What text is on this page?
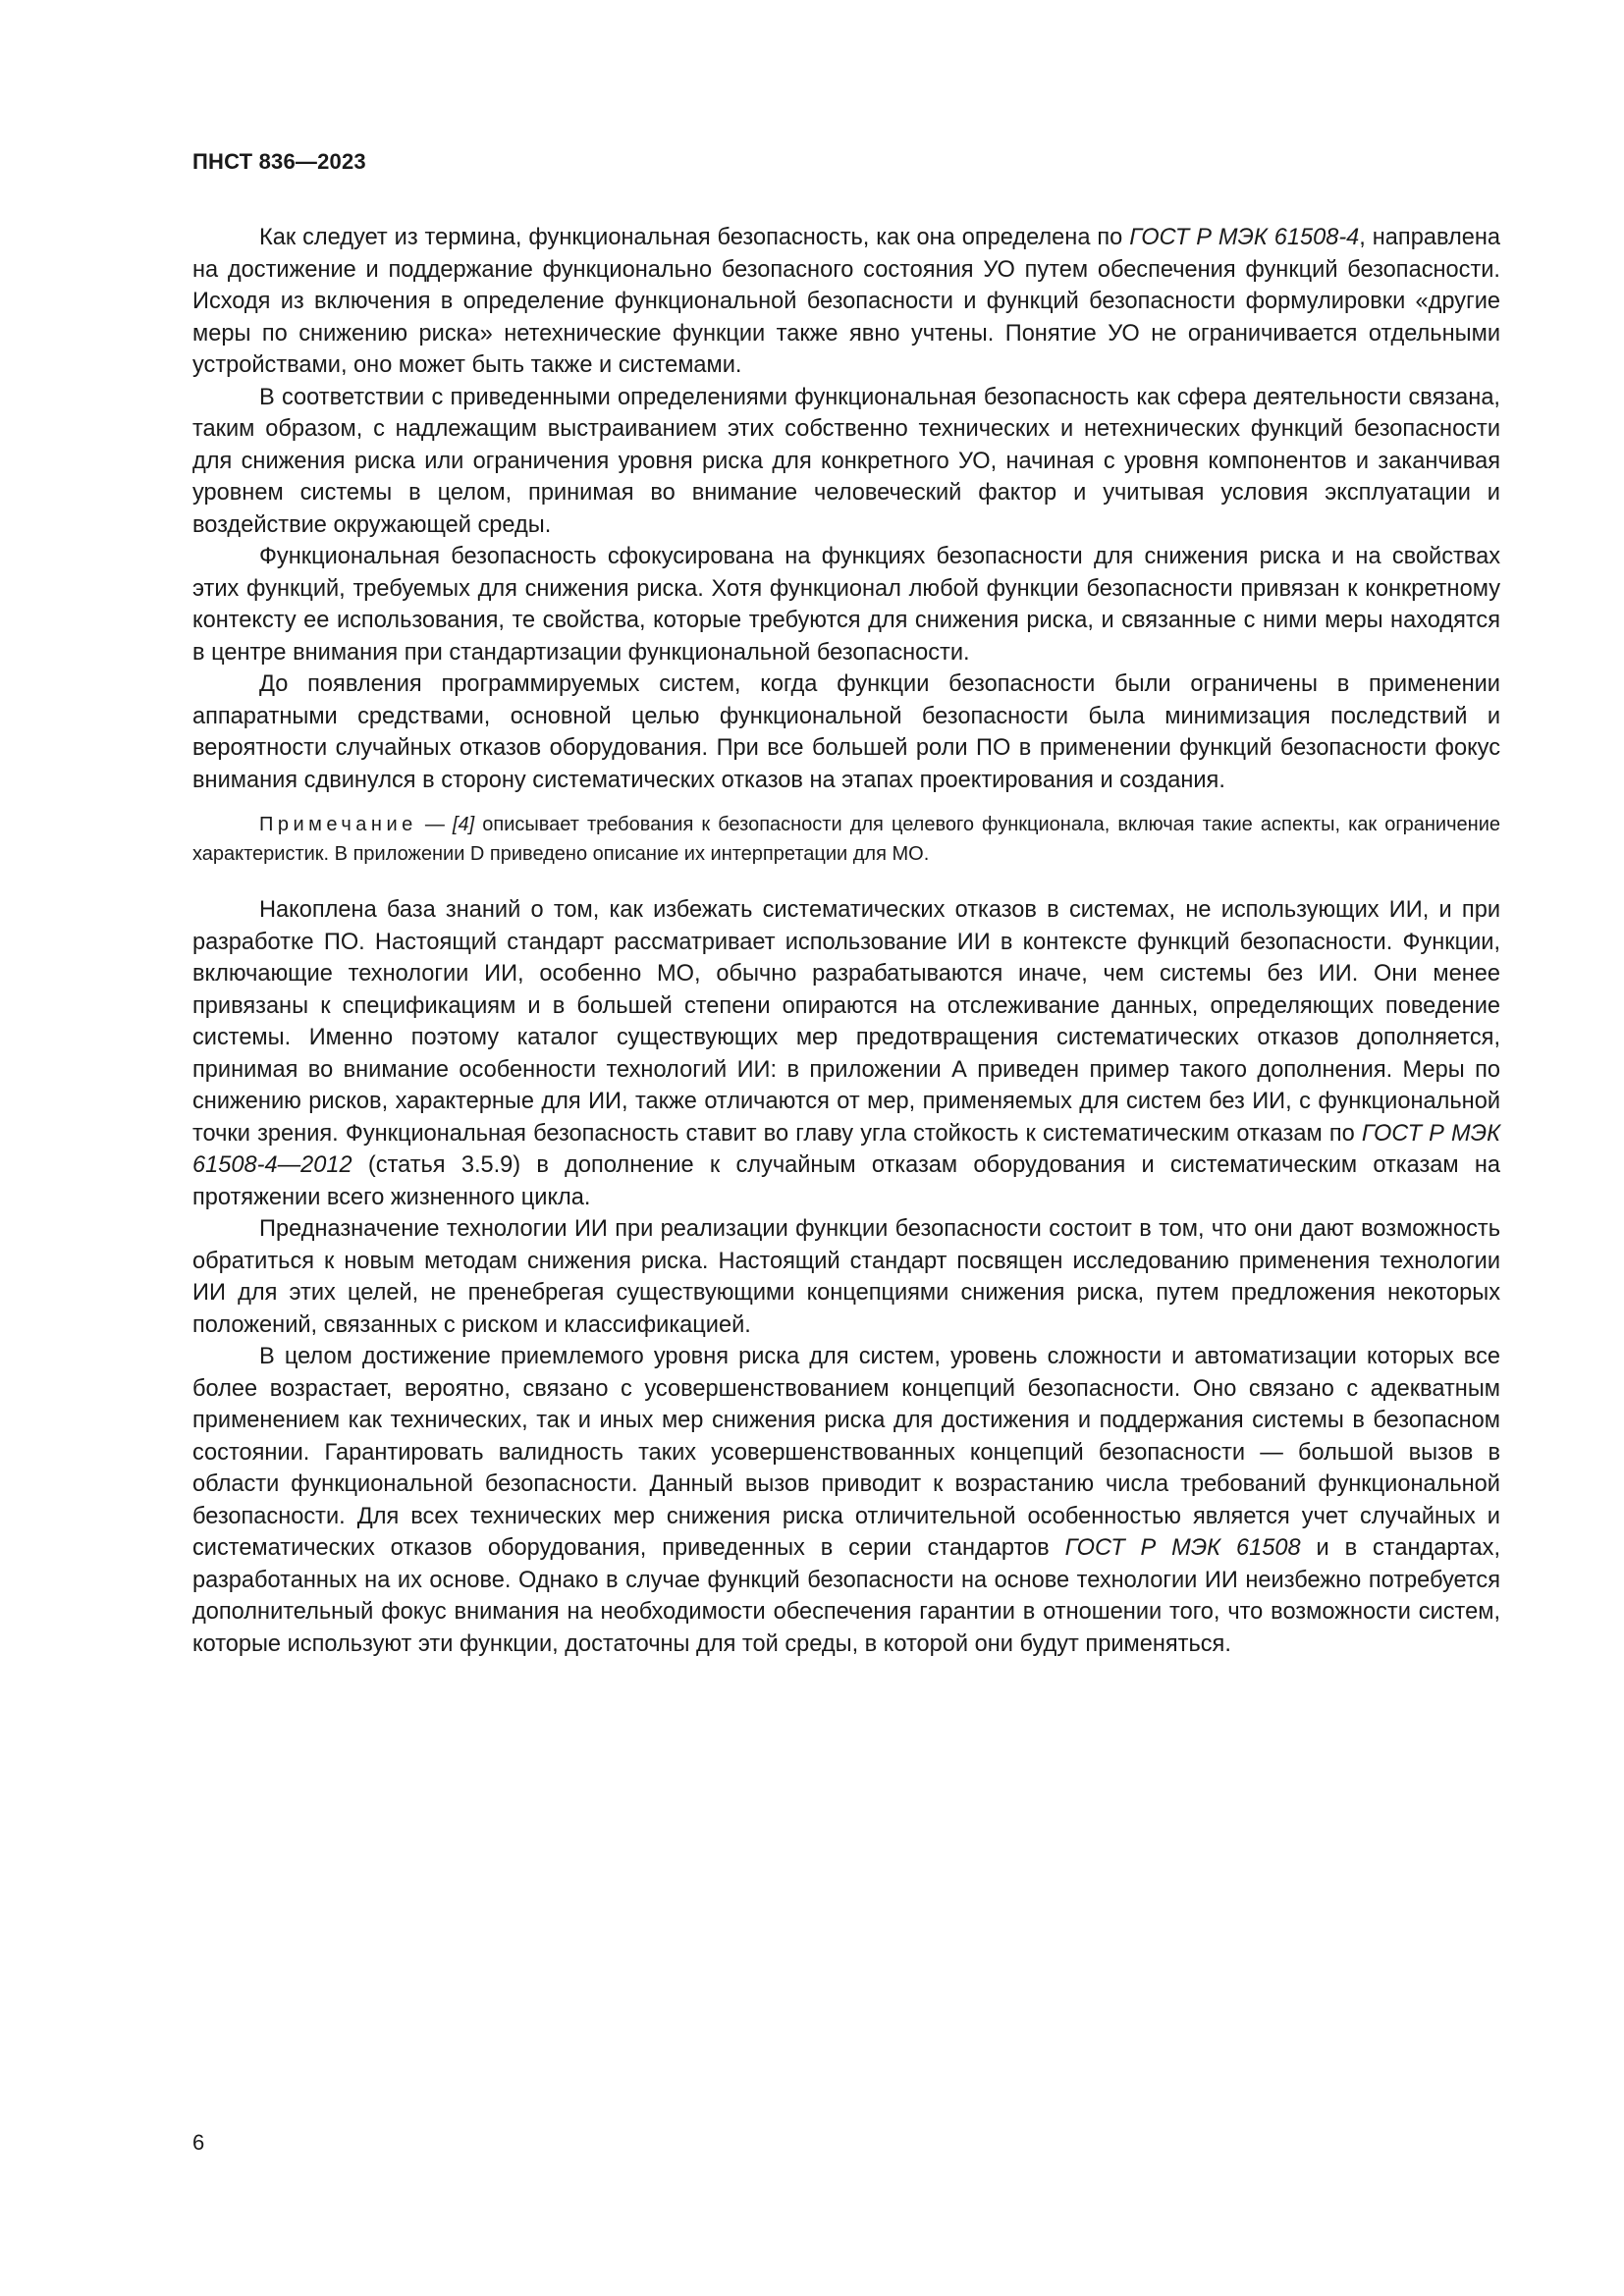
ПНСТ 836—2023

Как следует из термина, функциональная безопасность, как она определена по ГОСТ Р МЭК 61508-4, направлена на достижение и поддержание функционально безопасного состояния УО путем обеспечения функций безопасности. Исходя из включения в определение функциональной безопасности и функций безопасности формулировки «другие меры по снижению риска» нетехнические функции также явно учтены. Понятие УО не ограничивается отдельными устройствами, оно может быть также и системами.

В соответствии с приведенными определениями функциональная безопасность как сфера деятельности связана, таким образом, с надлежащим выстраиванием этих собственно технических и нетехнических функций безопасности для снижения риска или ограничения уровня риска для конкретного УО, начиная с уровня компонентов и заканчивая уровнем системы в целом, принимая во внимание человеческий фактор и учитывая условия эксплуатации и воздействие окружающей среды.

Функциональная безопасность сфокусирована на функциях безопасности для снижения риска и на свойствах этих функций, требуемых для снижения риска. Хотя функционал любой функции безопасности привязан к конкретному контексту ее использования, те свойства, которые требуются для снижения риска, и связанные с ними меры находятся в центре внимания при стандартизации функциональной безопасности.

До появления программируемых систем, когда функции безопасности были ограничены в применении аппаратными средствами, основной целью функциональной безопасности была минимизация последствий и вероятности случайных отказов оборудования. При все большей роли ПО в применении функций безопасности фокус внимания сдвинулся в сторону систематических отказов на этапах проектирования и создания.

Примечание — [4] описывает требования к безопасности для целевого функционала, включая такие аспекты, как ограничение характеристик. В приложении D приведено описание их интерпретации для МО.

Накоплена база знаний о том, как избежать систематических отказов в системах, не использующих ИИ, и при разработке ПО. Настоящий стандарт рассматривает использование ИИ в контексте функций безопасности. Функции, включающие технологии ИИ, особенно МО, обычно разрабатываются иначе, чем системы без ИИ. Они менее привязаны к спецификациям и в большей степени опираются на отслеживание данных, определяющих поведение системы. Именно поэтому каталог существующих мер предотвращения систематических отказов дополняется, принимая во внимание особенности технологий ИИ: в приложении А приведен пример такого дополнения. Меры по снижению рисков, характерные для ИИ, также отличаются от мер, применяемых для систем без ИИ, с функциональной точки зрения. Функциональная безопасность ставит во главу угла стойкость к систематическим отказам по ГОСТ Р МЭК 61508-4—2012 (статья 3.5.9) в дополнение к случайным отказам оборудования и систематическим отказам на протяжении всего жизненного цикла.

Предназначение технологии ИИ при реализации функции безопасности состоит в том, что они дают возможность обратиться к новым методам снижения риска. Настоящий стандарт посвящен исследованию применения технологии ИИ для этих целей, не пренебрегая существующими концепциями снижения риска, путем предложения некоторых положений, связанных с риском и классификацией.

В целом достижение приемлемого уровня риска для систем, уровень сложности и автоматизации которых все более возрастает, вероятно, связано с усовершенствованием концепций безопасности. Оно связано с адекватным применением как технических, так и иных мер снижения риска для достижения и поддержания системы в безопасном состоянии. Гарантировать валидность таких усовершенствованных концепций безопасности — большой вызов в области функциональной безопасности. Данный вызов приводит к возрастанию числа требований функциональной безопасности. Для всех технических мер снижения риска отличительной особенностью является учет случайных и систематических отказов оборудования, приведенных в серии стандартов ГОСТ Р МЭК 61508 и в стандартах, разработанных на их основе. Однако в случае функций безопасности на основе технологии ИИ неизбежно потребуется дополнительный фокус внимания на необходимости обеспечения гарантии в отношении того, что возможности систем, которые используют эти функции, достаточны для той среды, в которой они будут применяться.

6
